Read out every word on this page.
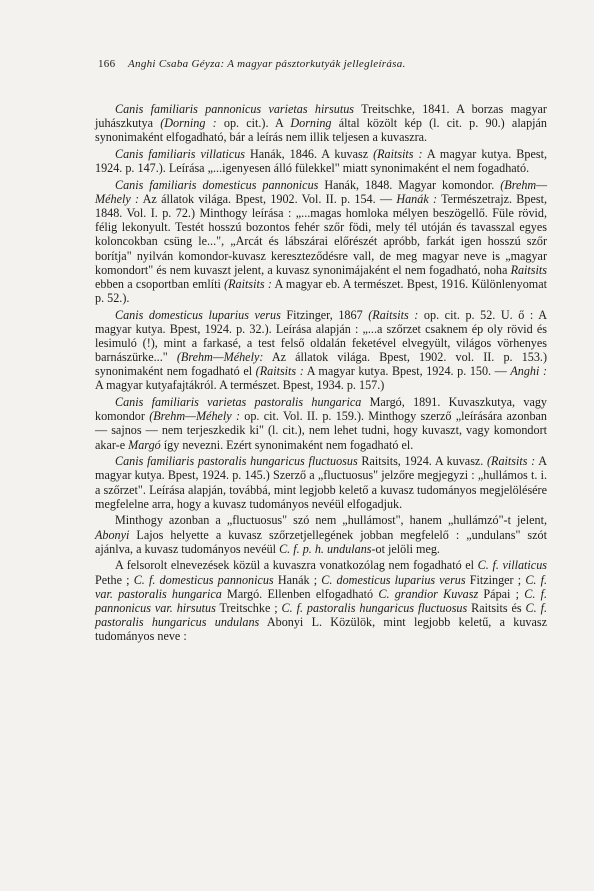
166 Anghi Csaba Géyza: A magyar pásztorkutyák jellegleírása.

Canis familiaris pannonicus varietas hirsutus Treitschke, 1841. A borzas magyar juhászkutya (Dorning : op. cit.). A Dorning által közölt kép (l. cit. p. 90.) alapján synonimaként elfogadható, bár a leírás nem illik teljesen a kuvaszra.

Canis familiaris villaticus Hanák, 1846. A kuvasz (Raitsits : A magyar kutya. Bpest, 1924. p. 147.). Leírása „...igenyesen álló fülekkel" miatt synonimaként el nem fogadható.

Canis familiaris domesticus pannonicus Hanák, 1848. Magyar komondor. (Brehm—Méhely : Az állatok világa. Bpest, 1902. Vol. II. p. 154. — Hanák : Természetrajz. Bpest, 1848. Vol. I. p. 72.) Minthogy leírása : „...magas homloka mélyen beszögellő. Füle rövid, félig lekonyult. Testét hosszú bozontos fehér szőr födi, mely tél utóján és tavasszal egyes koloncokban csüng le...", „Arcát és lábszárai előrészét apróbb, farkát igen hosszú szőr borítja" nyilván komondor-kuvasz kereszteződésre vall, de meg magyar neve is „magyar komondort" és nem kuvaszt jelent, a kuvasz synonimájaként el nem fogadható, noha Raitsits ebben a csoportban említi (Raitsits : A magyar eb. A természet. Bpest, 1916. Különlenyomat p. 52.).

Canis domesticus luparius verus Fitzinger, 1867 (Raitsits : op. cit. p. 52. U. ő : A magyar kutya. Bpest, 1924. p. 32.). Leírása alapján : „...a szőrzet csaknem ép oly rövid és lesimuló (!), mint a farkasé, a test felső oldalán feketével elvegyült, világos vörhenyes barnászürke..." (Brehm—Méhely: Az állatok világa. Bpest, 1902. vol. II. p. 153.) synonimaként nem fogadható el (Raitsits : A magyar kutya. Bpest, 1924. p. 150. — Anghi : A magyar kutyafajtákról. A természet. Bpest, 1934. p. 157.)

Canis familiaris varietas pastoralis hungarica Margó, 1891. Kuvaszkutya, vagy komondor (Brehm—Méhely : op. cit. Vol. II. p. 159.). Minthogy szerző „leírására azonban — sajnos — nem terjeszkedik ki" (l. cit.), nem lehet tudni, hogy kuvaszt, vagy komondort akar-e Margó így nevezni. Ezért synonimaként nem fogadható el.

Canis familiaris pastoralis hungaricus fluctuosus Raitsits, 1924. A kuvasz. (Raitsits : A magyar kutya. Bpest, 1924. p. 145.) Szerző a „fluctuosus" jelzőre megjegyzi : „hullámos t. i. a szőrzet". Leírása alapján, továbbá, mint legjobb kelető a kuvasz tudományos megjelölésére megfelelne arra, hogy a kuvasz tudományos nevéül elfogadjuk.

Minthogy azonban a „fluctuosus" szó nem „hullámost", hanem „hullámzó"-t jelent, Abonyi Lajos helyette a kuvasz szőrzetjellegének jobban megfelelő : „undulans" szót ajánlva, a kuvasz tudományos nevéül C. f. p. h. undulans-ot jelöli meg.

A felsorolt elnevezések közül a kuvaszra vonatkozólag nem fogadható el C. f. villaticus Pethe ; C. f. domesticus pannonicus Hanák ; C. domesticus luparius verus Fitzinger ; C. f. var. pastoralis hungarica Margó. Ellenben elfogadható C. grandior Kuvasz Pápai ; C. f. pannonicus var. hirsutus Treitschke ; C. f. pastoralis hungaricus fluctuosus Raitsits és C. f. pastoralis hungaricus undulans Abonyi L. Közülök, mint legjobb keletű, a kuvasz tudományos neve :
